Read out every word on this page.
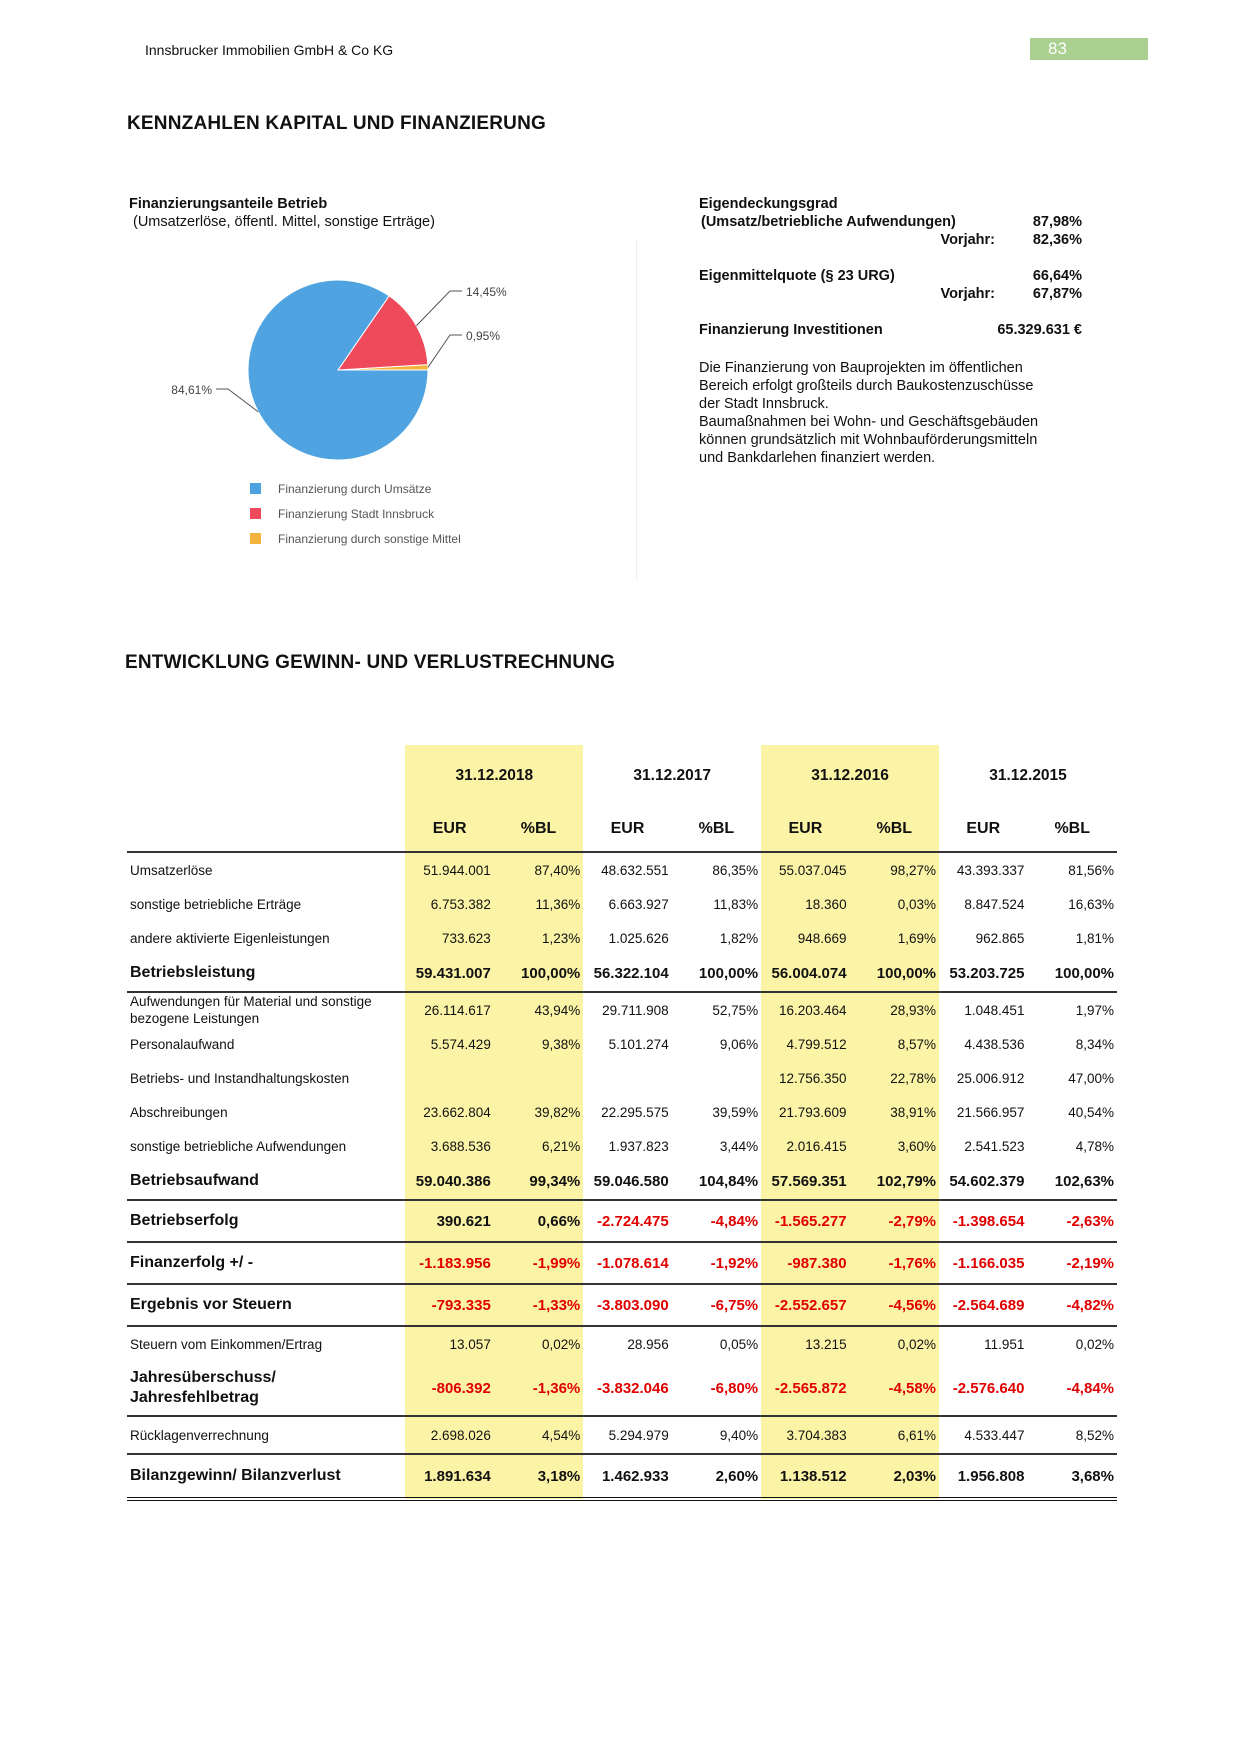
Innsbrucker Immobilien GmbH & Co KG	83
KENNZAHLEN KAPITAL UND FINANZIERUNG
Finanzierungsanteile Betrieb
(Umsatzerlöse, öffentl. Mittel, sonstige Erträge)
84,61%
14,45%
0,95%
Finanzierung durch Umsätze
Finanzierung Stadt Innsbruck
Finanzierung durch sonstige Mittel
Eigendeckungsgrad
(Umsatz/betriebliche Aufwendungen)	87,98%
Vorjahr:	82,36%
Eigenmittelquote (§ 23 URG)	66,64%
Vorjahr:	67,87%
Finanzierung Investitionen	65.329.631 €
Die Finanzierung von Bauprojekten im öffentlichen
Bereich erfolgt großteils durch Baukostenzuschüsse
der Stadt Innsbruck.
Baumaßnahmen bei Wohn- und Geschäftsgebäuden
können grundsätzlich mit Wohnbauförderungsmitteln
und Bankdarlehen finanziert werden.
ENTWICKLUNG GEWINN- UND VERLUSTRECHNUNG
	31.12.2018		31.12.2017		31.12.2016		31.12.2015	
	EUR	%BL	EUR	%BL	EUR	%BL	EUR	%BL
Umsatzerlöse	51.944.001	87,40%	48.632.551	86,35%	55.037.045	98,27%	43.393.337	81,56%
sonstige betriebliche Erträge	6.753.382	11,36%	6.663.927	11,83%	18.360	0,03%	8.847.524	16,63%
andere aktivierte Eigenleistungen	733.623	1,23%	1.025.626	1,82%	948.669	1,69%	962.865	1,81%
Betriebsleistung	59.431.007	100,00%	56.322.104	100,00%	56.004.074	100,00%	53.203.725	100,00%
Aufwendungen für Material und sonstige bezogene Leistungen	26.114.617	43,94%	29.711.908	52,75%	16.203.464	28,93%	1.048.451	1,97%
Personalaufwand	5.574.429	9,38%	5.101.274	9,06%	4.799.512	8,57%	4.438.536	8,34%
Betriebs- und Instandhaltungskosten					12.756.350	22,78%	25.006.912	47,00%
Abschreibungen	23.662.804	39,82%	22.295.575	39,59%	21.793.609	38,91%	21.566.957	40,54%
sonstige betriebliche Aufwendungen	3.688.536	6,21%	1.937.823	3,44%	2.016.415	3,60%	2.541.523	4,78%
Betriebsaufwand	59.040.386	99,34%	59.046.580	104,84%	57.569.351	102,79%	54.602.379	102,63%
Betriebserfolg	390.621	0,66%	-2.724.475	-4,84%	-1.565.277	-2,79%	-1.398.654	-2,63%
Finanzerfolg +/ -	-1.183.956	-1,99%	-1.078.614	-1,92%	-987.380	-1,76%	-1.166.035	-2,19%
Ergebnis vor Steuern	-793.335	-1,33%	-3.803.090	-6,75%	-2.552.657	-4,56%	-2.564.689	-4,82%
Steuern vom Einkommen/Ertrag	13.057	0,02%	28.956	0,05%	13.215	0,02%	11.951	0,02%
Jahresüberschuss/ Jahresfehlbetrag	-806.392	-1,36%	-3.832.046	-6,80%	-2.565.872	-4,58%	-2.576.640	-4,84%
Rücklagenverrechnung	2.698.026	4,54%	5.294.979	9,40%	3.704.383	6,61%	4.533.447	8,52%
Bilanzgewinn/ Bilanzverlust	1.891.634	3,18%	1.462.933	2,60%	1.138.512	2,03%	1.956.808	3,68%
